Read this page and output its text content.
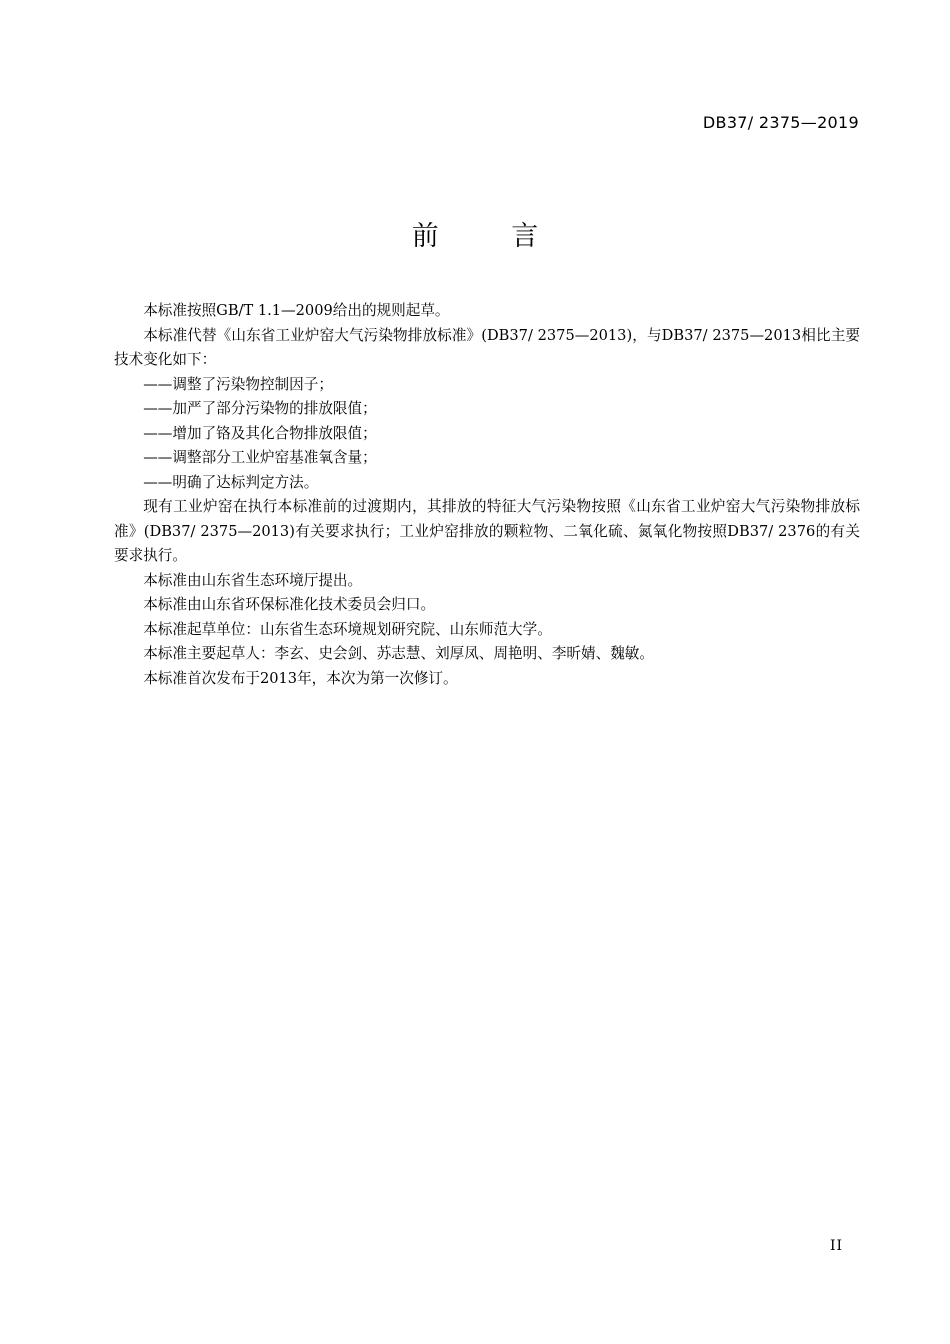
DB37/ 2375—2019
前 言

本标准按照GB/T 1.1—2009给出的规则起草。

本标准代替《山东省工业炉窑大气污染物排放标准》(DB37/ 2375—2013)，与DB37/ 2375—2013相比主要技术变化如下：

——调整了污染物控制因子；

——加严了部分污染物的排放限值；

——增加了铬及其化合物排放限值；

——调整部分工业炉窑基准氧含量；

——明确了达标判定方法。

现有工业炉窑在执行本标准前的过渡期内，其排放的特征大气污染物按照《山东省工业炉窑大气污染物排放标准》(DB37/ 2375—2013)有关要求执行；工业炉窑排放的颗粒物、二氧化硫、氮氧化物按照DB37/ 2376的有关要求执行。

本标准由山东省生态环境厅提出。

本标准由山东省环保标准化技术委员会归口。

本标准起草单位：山东省生态环境规划研究院、山东师范大学。

本标准主要起草人：李玄、史会剑、苏志慧、刘厚凤、周艳明、李昕婧、魏敏。

本标准首次发布于2013年，本次为第一次修订。

II
